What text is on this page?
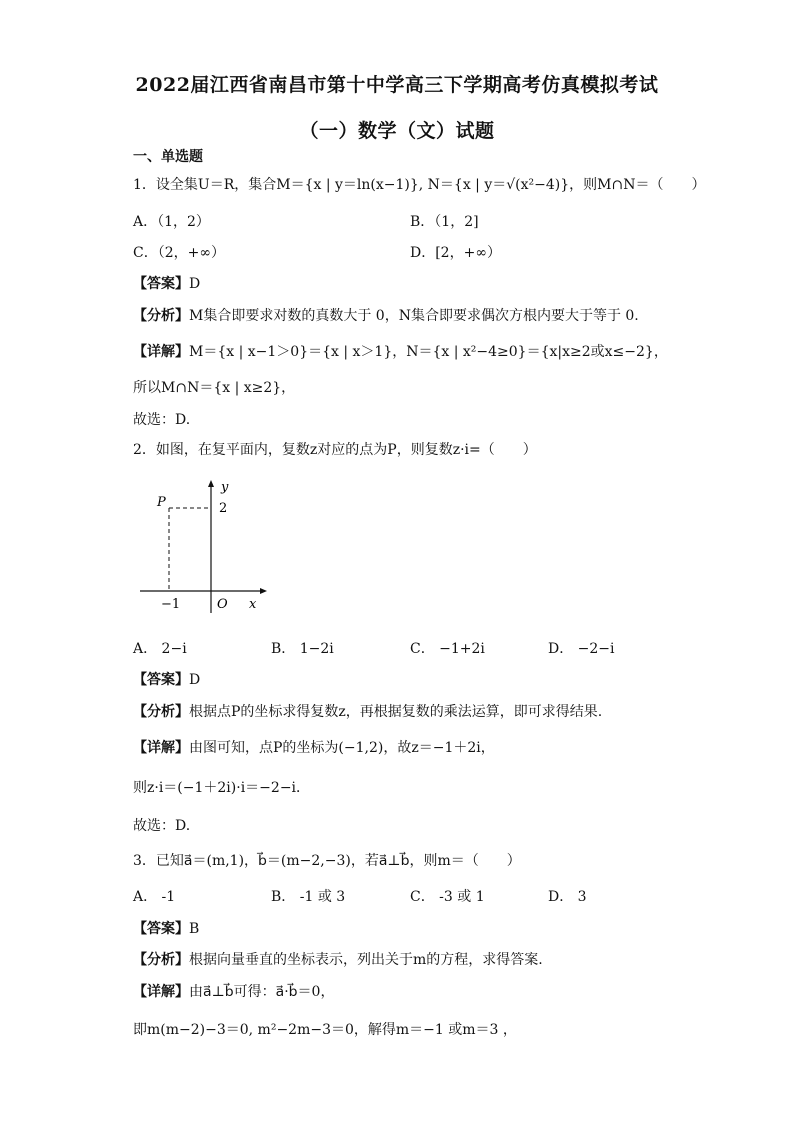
2022届江西省南昌市第十中学高三下学期高考仿真模拟考试
（一）数学（文）试题
一、单选题
1．设全集U＝R，集合M＝{x | y＝ln(x−1)}, N＝{x | y＝√(x²−4)}，则M∩N＝（　　）
A．（1，2）	B．（1，2]
C．（2，+∞）	D．[2，+∞）
【答案】D
【分析】M集合即要求对数的真数大于 0，N集合即要求偶次方根内要大于等于 0.
【详解】M＝{x | x−1＞0}＝{x | x＞1}，N＝{x | x²−4≥0}＝{x|x≥2或x≤−2}，
所以M∩N＝{x | x≥2}，
故选：D.
2．如图，在复平面内，复数z对应的点为P，则复数z·i=（　　）
P
y
2
−1	O x
A． 2−i	B． 1−2i	C． −1+2i	D． −2−i
【答案】D
【分析】根据点P的坐标求得复数z，再根据复数的乘法运算，即可求得结果.
【详解】由图可知，点P的坐标为(−1,2)，故z＝−1＋2i，
则z·i＝(−1＋2i)·i＝−2−i．
故选：D.
3．已知a⃗＝(m,1)，b⃗＝(m−2,−3)，若a⃗⊥b⃗，则m＝（　　）
A． -1	B． -1 或 3	C． -3 或 1	D． 3
【答案】B
【分析】根据向量垂直的坐标表示，列出关于m的方程，求得答案.
【详解】由a⃗⊥b⃗可得：a⃗·b⃗＝0，
即m(m−2)−3＝0, m²−2m−3＝0，解得m＝−1 或m＝3 ，
